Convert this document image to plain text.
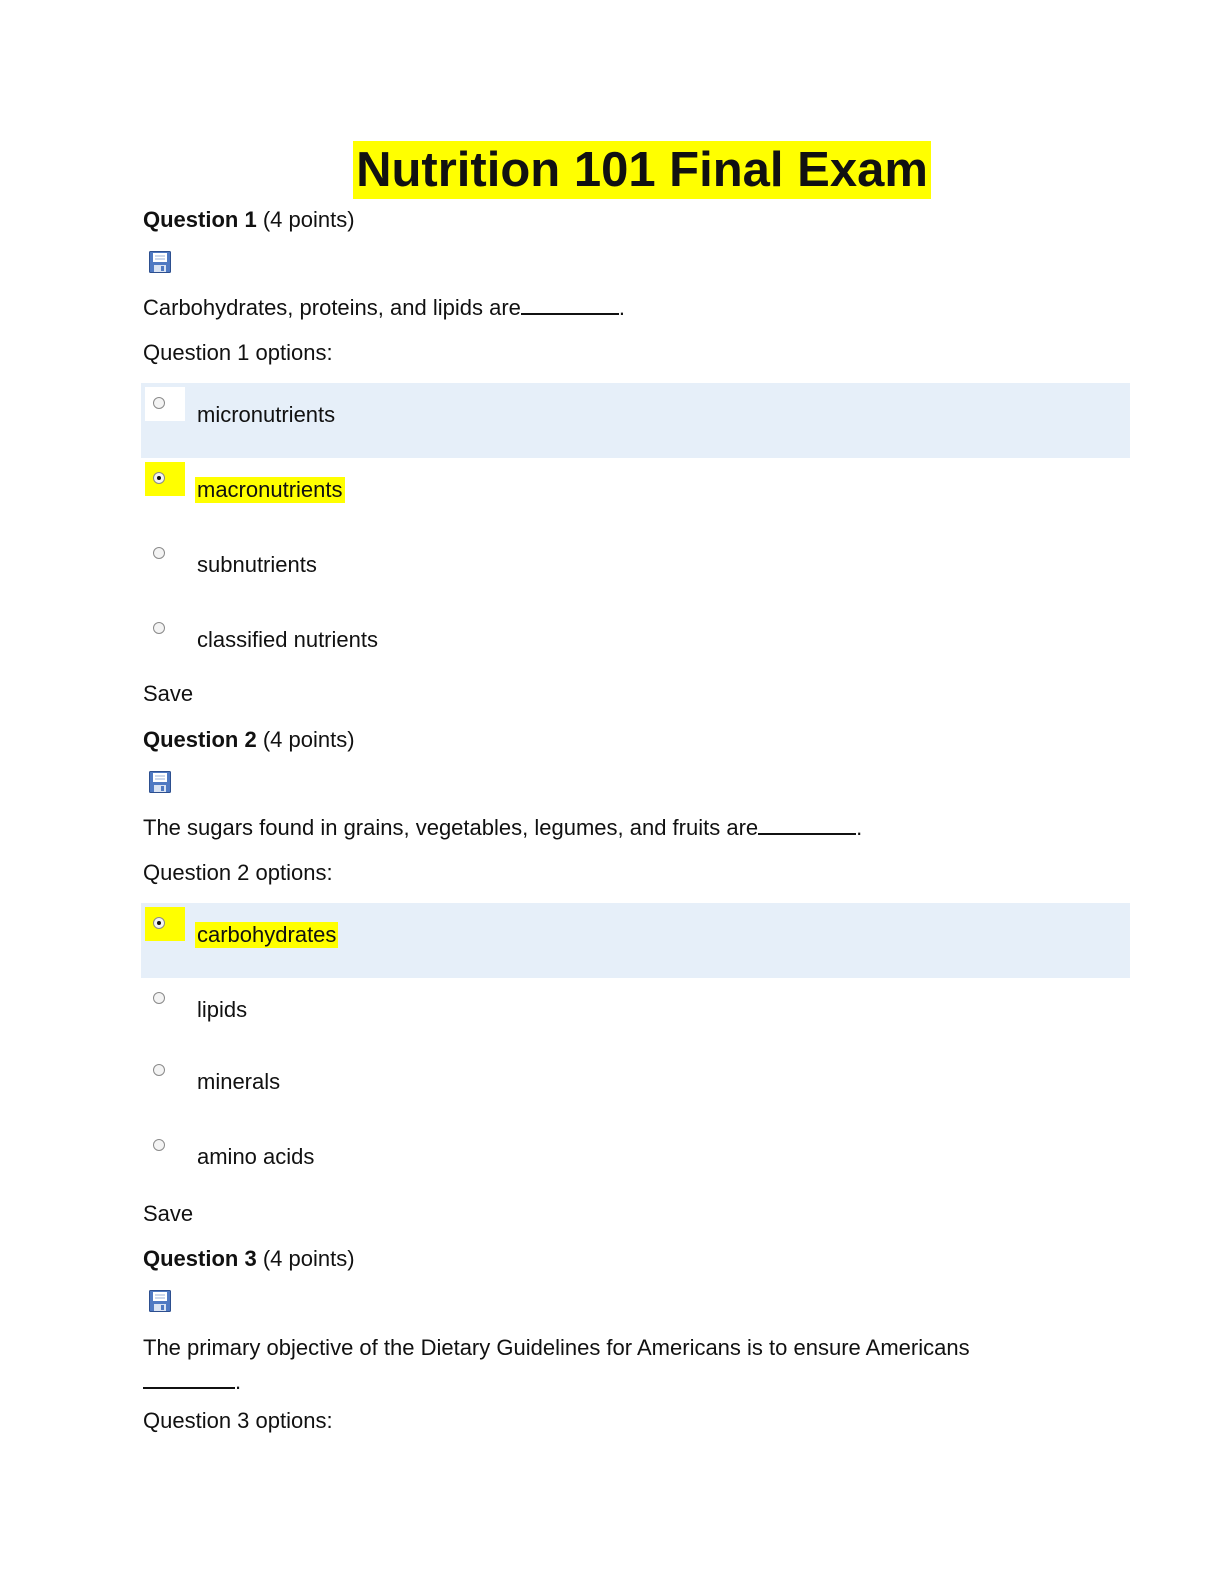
Nutrition 101 Final Exam
Question 1 (4 points)
Carbohydrates, proteins, and lipids are	.
Question 1 options:
micronutrients
macronutrients
subnutrients
classified nutrients
Save
Question 2 (4 points)
The sugars found in grains, vegetables, legumes, and fruits are	.
Question 2 options:
carbohydrates
lipids
minerals
amino acids
Save
Question 3 (4 points)
The primary objective of the Dietary Guidelines for Americans is to ensure Americans
.
Question 3 options:
